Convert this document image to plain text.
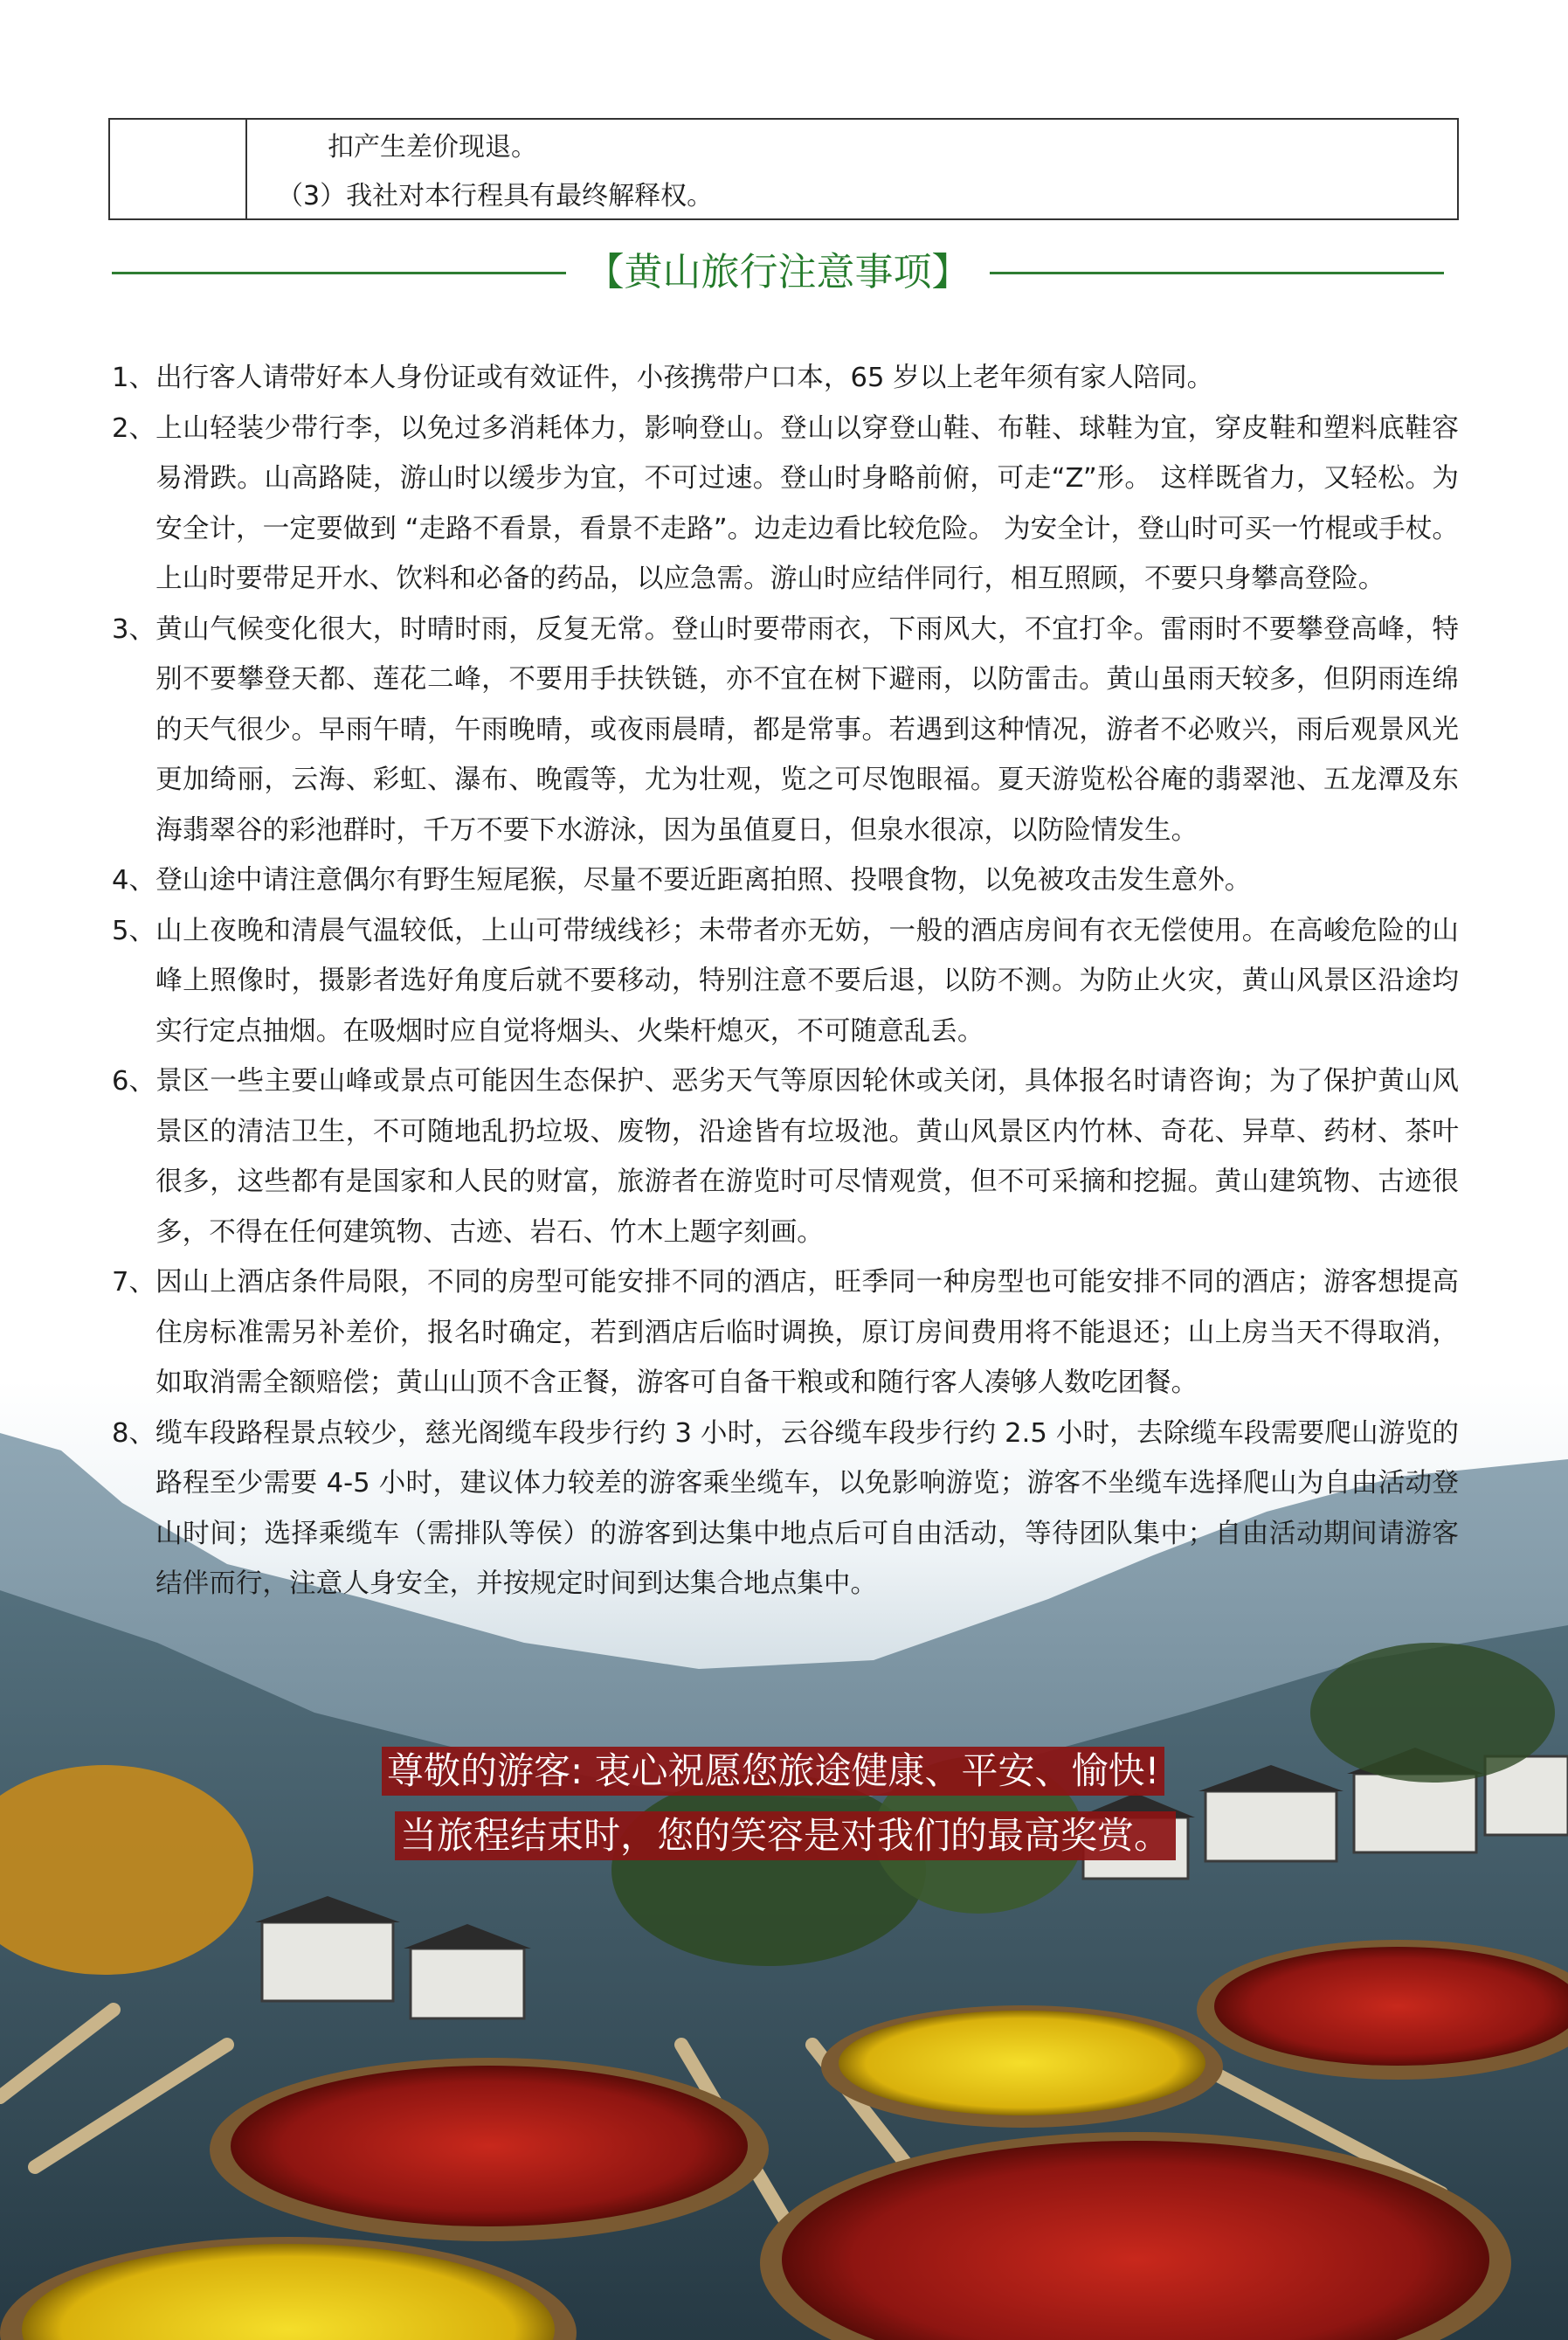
扣产生差价现退。
（3）我社对本行程具有最终解释权。
【黄山旅行注意事项】
1、 出行客人请带好本人身份证或有效证件，小孩携带户口本，65 岁以上老年须有家人陪同。
2、 上山轻装少带行李，以免过多消耗体力，影响登山。登山以穿登山鞋、布鞋、球鞋为宜，穿皮鞋和塑料底鞋容易滑跌。山高路陡，游山时以缓步为宜，不可过速。登山时身略前俯，可走“Z”形。 这样既省力，又轻松。为安全计，一定要做到 “走路不看景，看景不走路”。边走边看比较危险。 为安全计，登山时可买一竹棍或手杖。上山时要带足开水、饮料和必备的药品，以应急需。游山时应结伴同行，相互照顾，不要只身攀高登险。
3、 黄山气候变化很大，时晴时雨，反复无常。登山时要带雨衣，下雨风大，不宜打伞。雷雨时不要攀登高峰，特别不要攀登天都、莲花二峰，不要用手扶铁链，亦不宜在树下避雨，以防雷击。黄山虽雨天较多，但阴雨连绵的天气很少。早雨午晴，午雨晚晴，或夜雨晨晴，都是常事。若遇到这种情况，游者不必败兴，雨后观景风光更加绮丽，云海、彩虹、瀑布、晚霞等，尤为壮观，览之可尽饱眼福。夏天游览松谷庵的翡翠池、五龙潭及东海翡翠谷的彩池群时，千万不要下水游泳，因为虽值夏日，但泉水很凉，以防险情发生。
4、 登山途中请注意偶尔有野生短尾猴，尽量不要近距离拍照、投喂食物，以免被攻击发生意外。
5、 山上夜晚和清晨气温较低，上山可带绒线衫；未带者亦无妨，一般的酒店房间有衣无偿使用。在高峻危险的山峰上照像时，摄影者选好角度后就不要移动，特别注意不要后退，以防不测。为防止火灾，黄山风景区沿途均实行定点抽烟。在吸烟时应自觉将烟头、火柴杆熄灭，不可随意乱丢。
6、 景区一些主要山峰或景点可能因生态保护、恶劣天气等原因轮休或关闭，具体报名时请咨询；为了保护黄山风景区的清洁卫生，不可随地乱扔垃圾、废物，沿途皆有垃圾池。黄山风景区内竹林、奇花、异草、药材、茶叶很多，这些都有是国家和人民的财富，旅游者在游览时可尽情观赏，但不可采摘和挖掘。黄山建筑物、古迹很多，不得在任何建筑物、古迹、岩石、竹木上题字刻画。
7、 因山上酒店条件局限，不同的房型可能安排不同的酒店，旺季同一种房型也可能安排不同的酒店；游客想提高住房标准需另补差价，报名时确定，若到酒店后临时调换，原订房间费用将不能退还；山上房当天不得取消，如取消需全额赔偿；黄山山顶不含正餐，游客可自备干粮或和随行客人凑够人数吃团餐。
8、 缆车段路程景点较少，慈光阁缆车段步行约 3 小时，云谷缆车段步行约 2.5 小时，去除缆车段需要爬山游览的路程至少需要 4-5 小时，建议体力较差的游客乘坐缆车，以免影响游览；游客不坐缆车选择爬山为自由活动登山时间；选择乘缆车（需排队等侯）的游客到达集中地点后可自由活动，等待团队集中；自由活动期间请游客结伴而行，注意人身安全，并按规定时间到达集合地点集中。
尊敬的游客: 衷心祝愿您旅途健康、平安、愉快!
当旅程结束时，您的笑容是对我们的最高奖赏。
